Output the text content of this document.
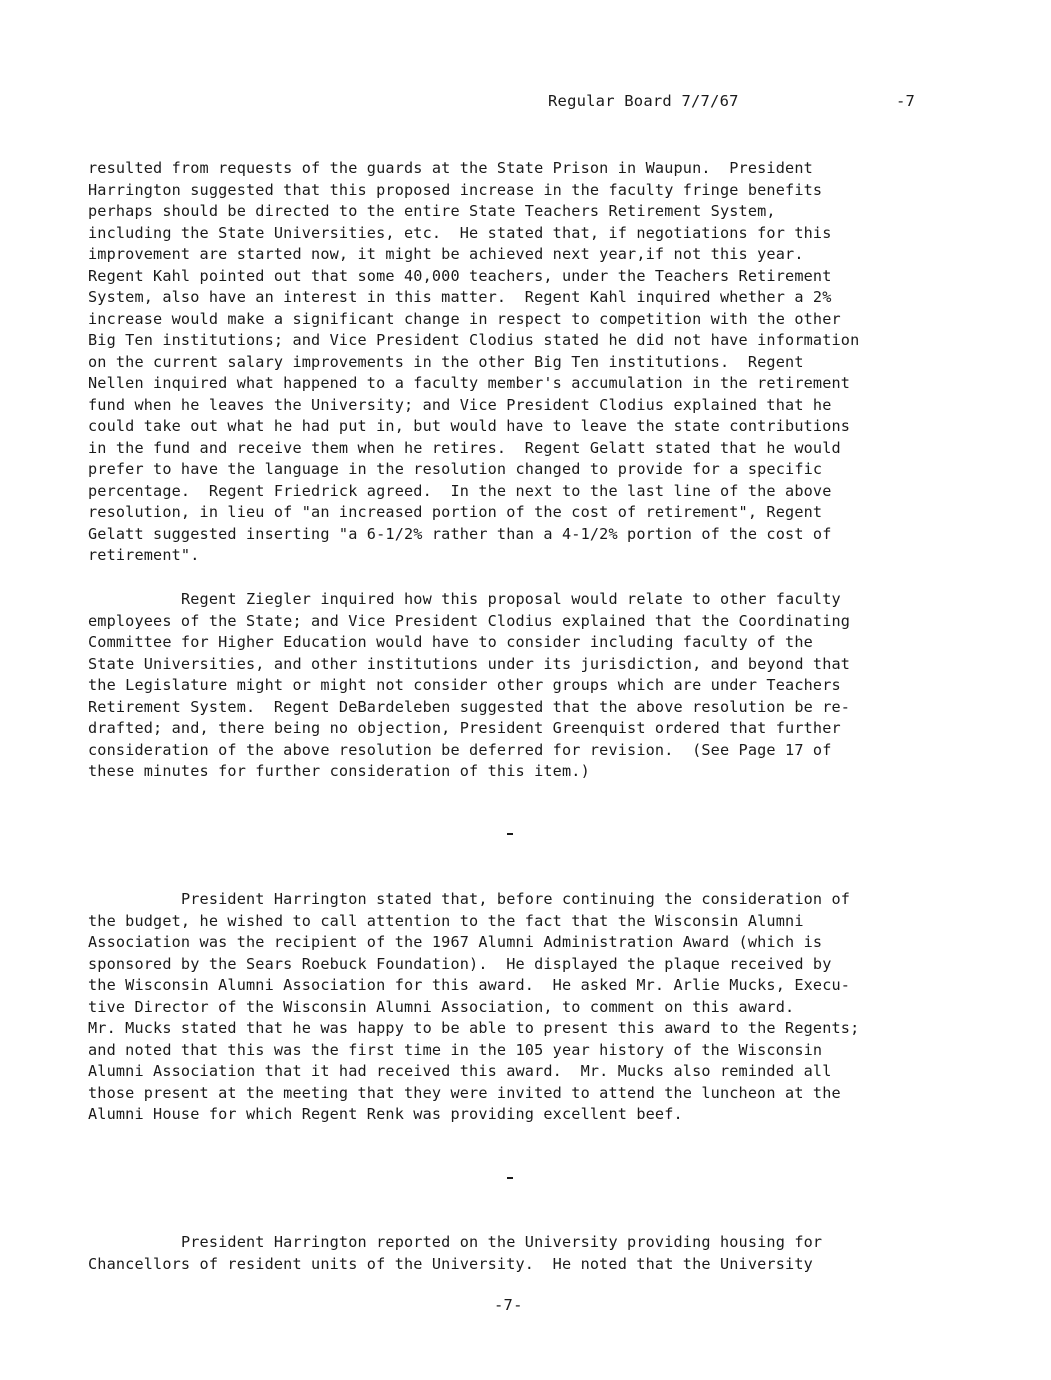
Regular Board 7/7/67	-7

resulted from requests of the guards at the State Prison in Waupun.  President
Harrington suggested that this proposed increase in the faculty fringe benefits
perhaps should be directed to the entire State Teachers Retirement System,
including the State Universities, etc.  He stated that, if negotiations for this
improvement are started now, it might be achieved next year,if not this year.
Regent Kahl pointed out that some 40,000 teachers, under the Teachers Retirement
System, also have an interest in this matter.  Regent Kahl inquired whether a 2%
increase would make a significant change in respect to competition with the other
Big Ten institutions; and Vice President Clodius stated he did not have information
on the current salary improvements in the other Big Ten institutions.  Regent
Nellen inquired what happened to a faculty member's accumulation in the retirement
fund when he leaves the University; and Vice President Clodius explained that he
could take out what he had put in, but would have to leave the state contributions
in the fund and receive them when he retires.  Regent Gelatt stated that he would
prefer to have the language in the resolution changed to provide for a specific
percentage.  Regent Friedrick agreed.  In the next to the last line of the above
resolution, in lieu of "an increased portion of the cost of retirement", Regent
Gelatt suggested inserting "a 6-1/2% rather than a 4-1/2% portion of the cost of
retirement".

Regent Ziegler inquired how this proposal would relate to other faculty
employees of the State; and Vice President Clodius explained that the Coordinating
Committee for Higher Education would have to consider including faculty of the
State Universities, and other institutions under its jurisdiction, and beyond that
the Legislature might or might not consider other groups which are under Teachers
Retirement System.  Regent DeBardeleben suggested that the above resolution be re-
drafted; and, there being no objection, President Greenquist ordered that further
consideration of the above resolution be deferred for revision.  (See Page 17 of
these minutes for further consideration of this item.)

President Harrington stated that, before continuing the consideration of
the budget, he wished to call attention to the fact that the Wisconsin Alumni
Association was the recipient of the 1967 Alumni Administration Award (which is
sponsored by the Sears Roebuck Foundation).  He displayed the plaque received by
the Wisconsin Alumni Association for this award.  He asked Mr. Arlie Mucks, Execu-
tive Director of the Wisconsin Alumni Association, to comment on this award.
Mr. Mucks stated that he was happy to be able to present this award to the Regents;
and noted that this was the first time in the 105 year history of the Wisconsin
Alumni Association that it had received this award.  Mr. Mucks also reminded all
those present at the meeting that they were invited to attend the luncheon at the
Alumni House for which Regent Renk was providing excellent beef.

President Harrington reported on the University providing housing for
Chancellors of resident units of the University.  He noted that the University

-7-
